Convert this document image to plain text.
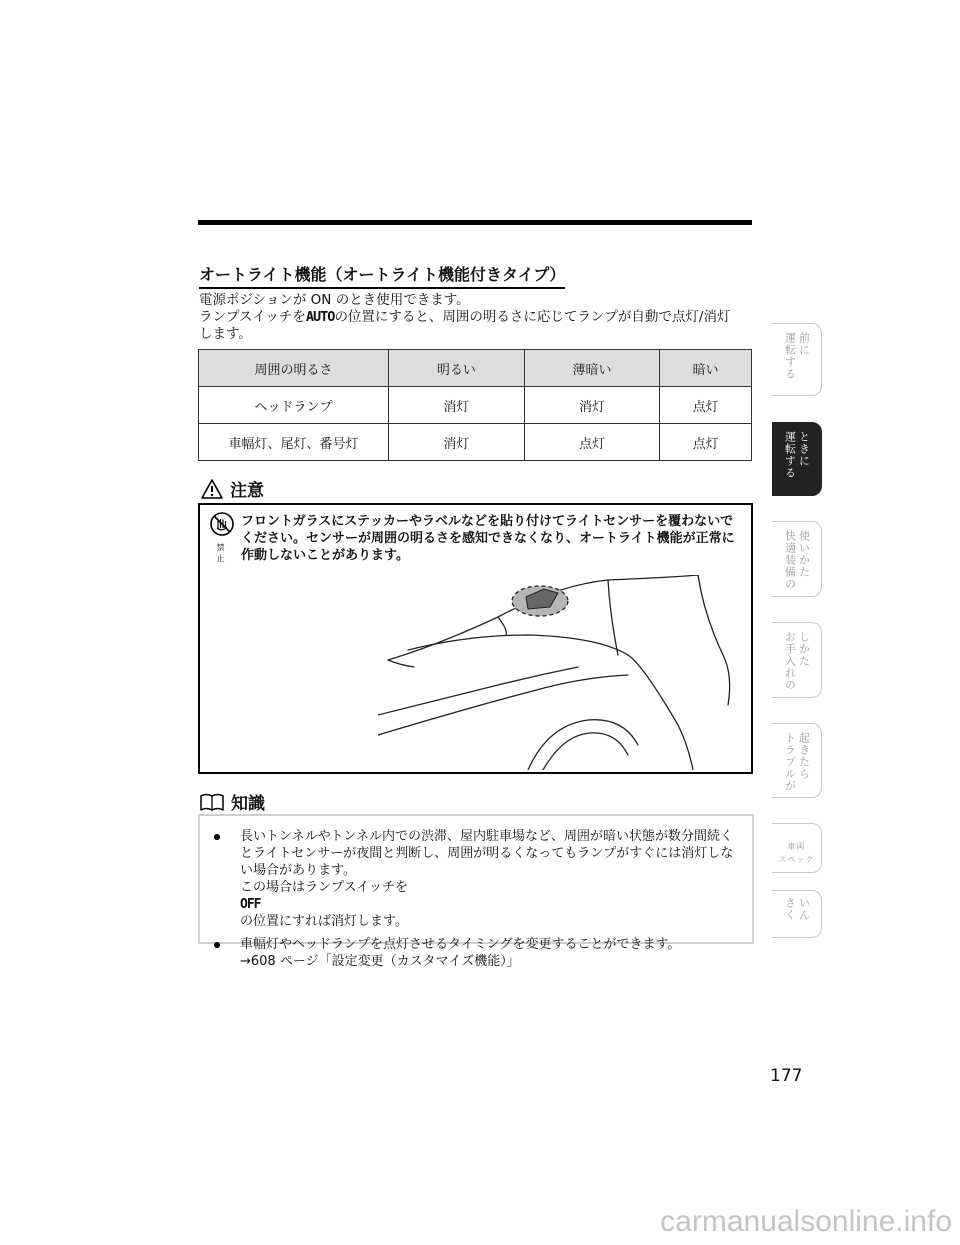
オートライト機能（オートライト機能付きタイプ）

電源ポジションが ON のとき使用できます。

ランプスイッチをAUTOの位置にすると、周囲の明るさに応じてランプが自動で点灯/消灯

します。

周囲の明るさ	明るい	薄暗い	暗い
ヘッドランプ	消灯	消灯	点灯
車幅灯、尾灯、番号灯	消灯	点灯	点灯
注意
禁 止
フロントガラスにステッカーやラベルなどを貼り付けてライトセンサーを覆わないでください。センサーが周囲の明るさを感知できなくなり、オートライト機能が正常に作動しないことがあります。
知識
長いトンネルやトンネル内での渋滞、屋内駐車場など、周囲が暗い状態が数分間続くとライトセンサーが夜間と判断し、周囲が明るくなってもランプがすぐには消灯しない場合があります。
この場合はランプスイッチを
OFF
の位置にすれば消灯します。
車幅灯やヘッドランプを点灯させるタイミングを変更することができます。
→608 ページ「設定変更（カスタマイズ機能）」
運転する 前に
運転する ときに
快適装備の 使いかた
お手入れの しかた
トラブルが 起きたら
車両
スペック
さく いん
177
carmanualsonline.info
